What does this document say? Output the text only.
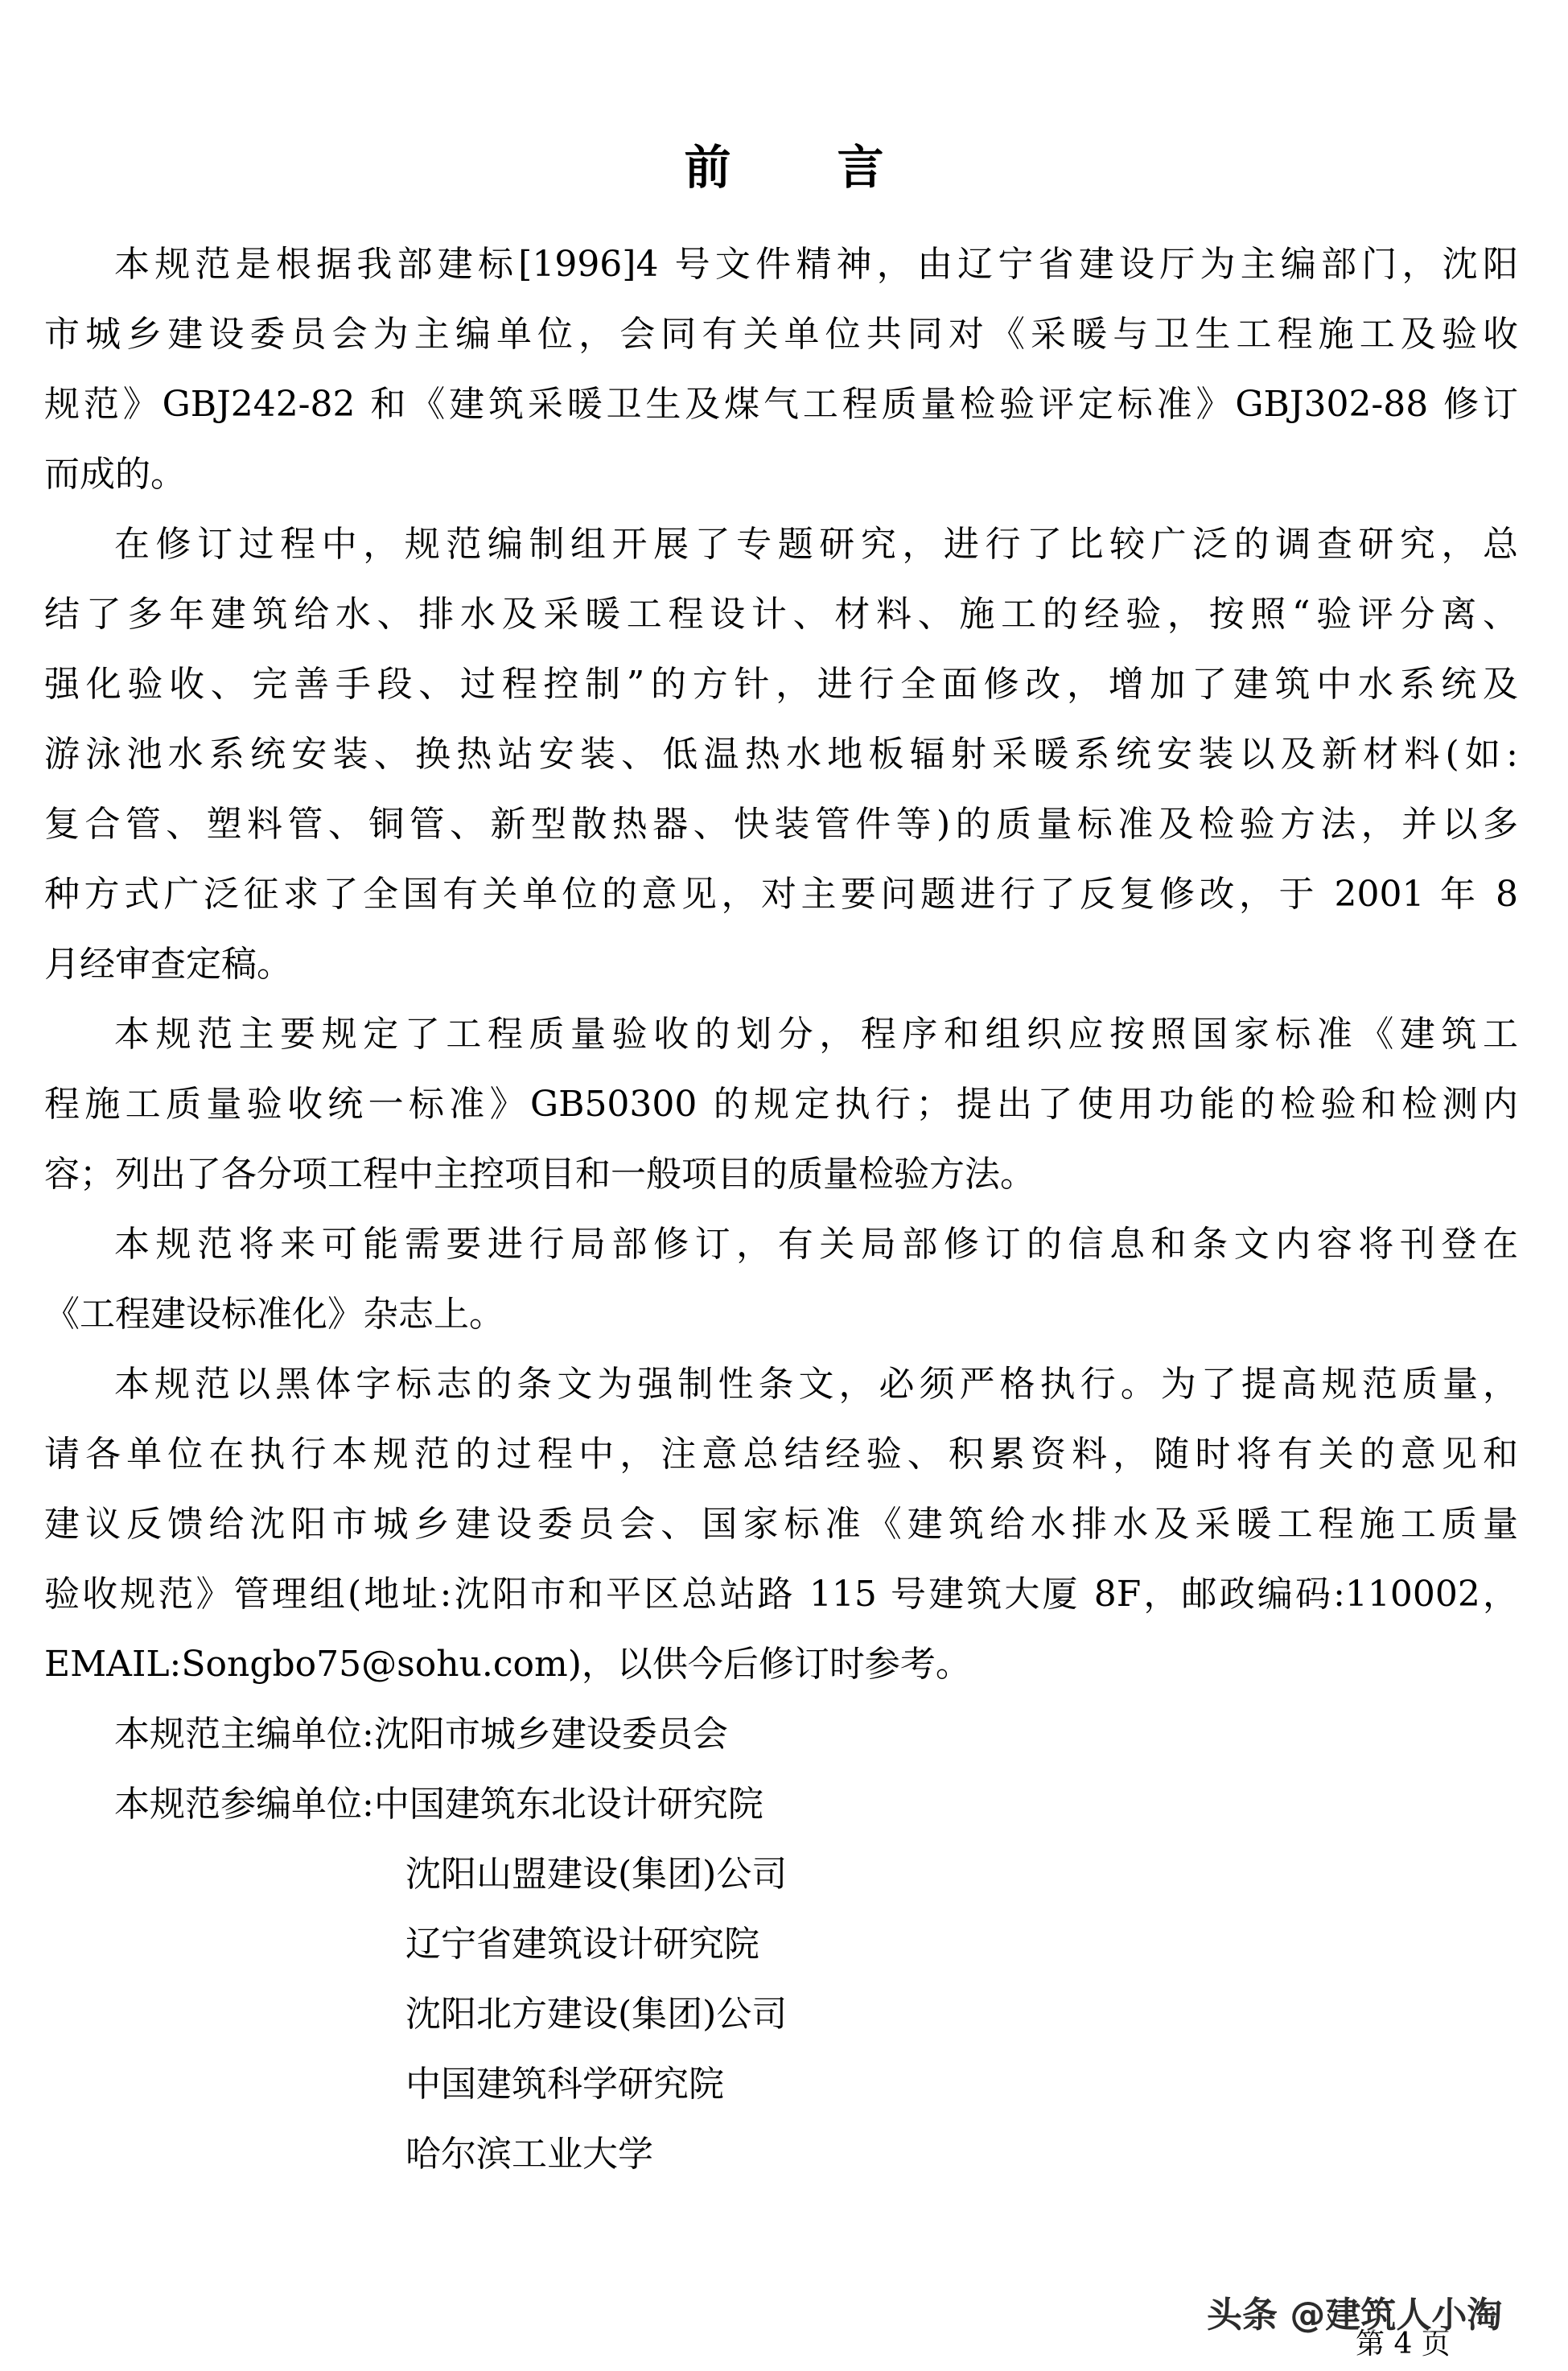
前 言
本规范是根据我部建标[1996]4 号文件精神，由辽宁省建设厅为主编部门，沈阳
市城乡建设委员会为主编单位，会同有关单位共同对《采暖与卫生工程施工及验收
规范》GBJ242-82 和《建筑采暖卫生及煤气工程质量检验评定标准》GBJ302-88 修订
而成的。
在修订过程中，规范编制组开展了专题研究，进行了比较广泛的调查研究，总
结了多年建筑给水、排水及采暖工程设计、材料、施工的经验，按照“验评分离、
强化验收、完善手段、过程控制”的方针，进行全面修改，增加了建筑中水系统及
游泳池水系统安装、换热站安装、低温热水地板辐射采暖系统安装以及新材料(如:
复合管、塑料管、铜管、新型散热器、快装管件等)的质量标准及检验方法，并以多
种方式广泛征求了全国有关单位的意见，对主要问题进行了反复修改，于 2001 年 8
月经审查定稿。
本规范主要规定了工程质量验收的划分，程序和组织应按照国家标准《建筑工
程施工质量验收统一标准》GB50300 的规定执行；提出了使用功能的检验和检测内
容；列出了各分项工程中主控项目和一般项目的质量检验方法。
本规范将来可能需要进行局部修订，有关局部修订的信息和条文内容将刊登在
《工程建设标准化》杂志上。
本规范以黑体字标志的条文为强制性条文，必须严格执行。为了提高规范质量，
请各单位在执行本规范的过程中，注意总结经验、积累资料，随时将有关的意见和
建议反馈给沈阳市城乡建设委员会、国家标准《建筑给水排水及采暖工程施工质量
验收规范》管理组(地址:沈阳市和平区总站路 115 号建筑大厦 8F，邮政编码:110002，
EMAIL:Songbo75@sohu.com)，以供今后修订时参考。
本规范主编单位:沈阳市城乡建设委员会
本规范参编单位:中国建筑东北设计研究院
沈阳山盟建设(集团)公司
辽宁省建筑设计研究院
沈阳北方建设(集团)公司
中国建筑科学研究院
哈尔滨工业大学
第 4 页
头条 @建筑人小淘
